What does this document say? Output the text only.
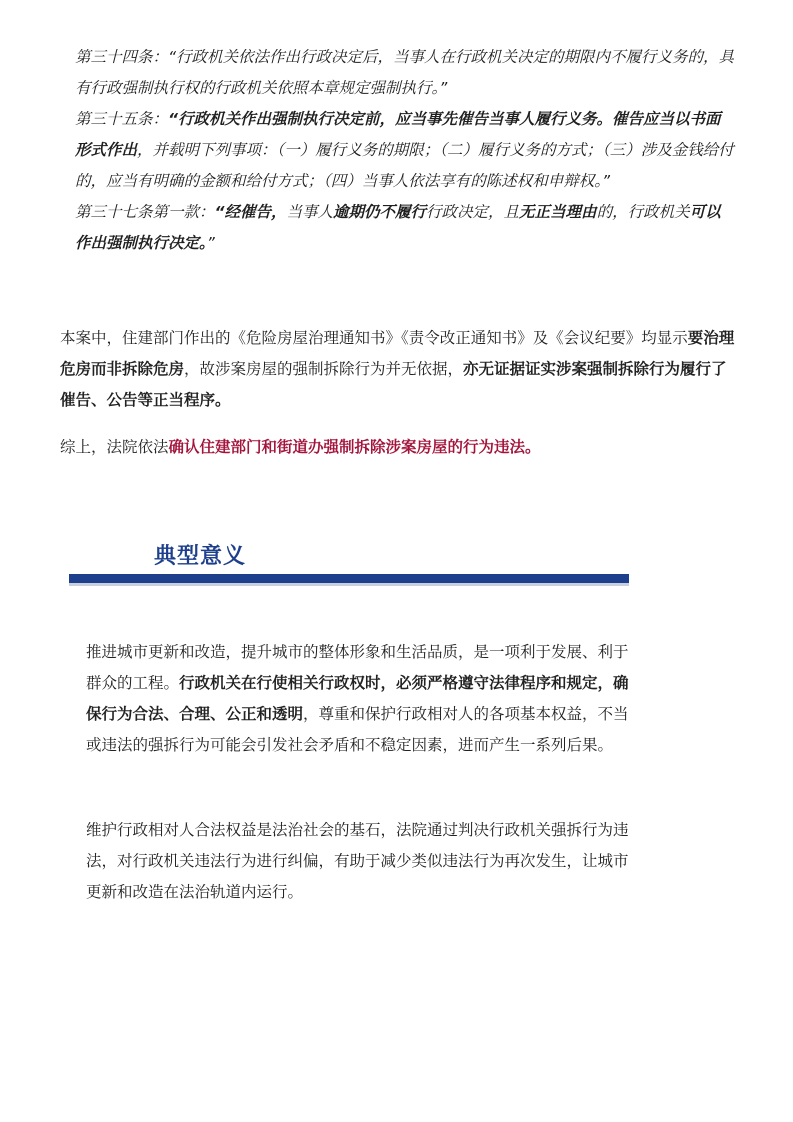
第三十四条：“行政机关依法作出行政决定后，当事人在行政机关决定的期限内不履行义务的，具有行政强制执行权的行政机关依照本章规定强制执行。”

第三十五条：“行政机关作出强制执行决定前，应当事先催告当事人履行义务。催告应当以书面形式作出，并载明下列事项：（一）履行义务的期限；（二）履行义务的方式；（三）涉及金钱给付的，应当有明确的金额和给付方式；（四）当事人依法享有的陈述权和申辩权。”

第三十七条第一款：“经催告，当事人逾期仍不履行行政决定，且无正当理由的，行政机关可以作出强制执行决定。”

本案中，住建部门作出的《危险房屋治理通知书》《责令改正通知书》及《会议纪要》均显示要治理危房而非拆除危房，故涉案房屋的强制拆除行为并无依据，亦无证据证实涉案强制拆除行为履行了催告、公告等正当程序。

综上，法院依法确认住建部门和街道办强制拆除涉案房屋的行为违法。

典型意义

推进城市更新和改造，提升城市的整体形象和生活品质，是一项利于发展、利于群众的工程。行政机关在行使相关行政权时，必须严格遵守法律程序和规定，确保行为合法、合理、公正和透明，尊重和保护行政相对人的各项基本权益，不当或违法的强拆行为可能会引发社会矛盾和不稳定因素，进而产生一系列后果。

维护行政相对人合法权益是法治社会的基石，法院通过判决行政机关强拆行为违法，对行政机关违法行为进行纠偏，有助于减少类似违法行为再次发生，让城市更新和改造在法治轨道内运行。
